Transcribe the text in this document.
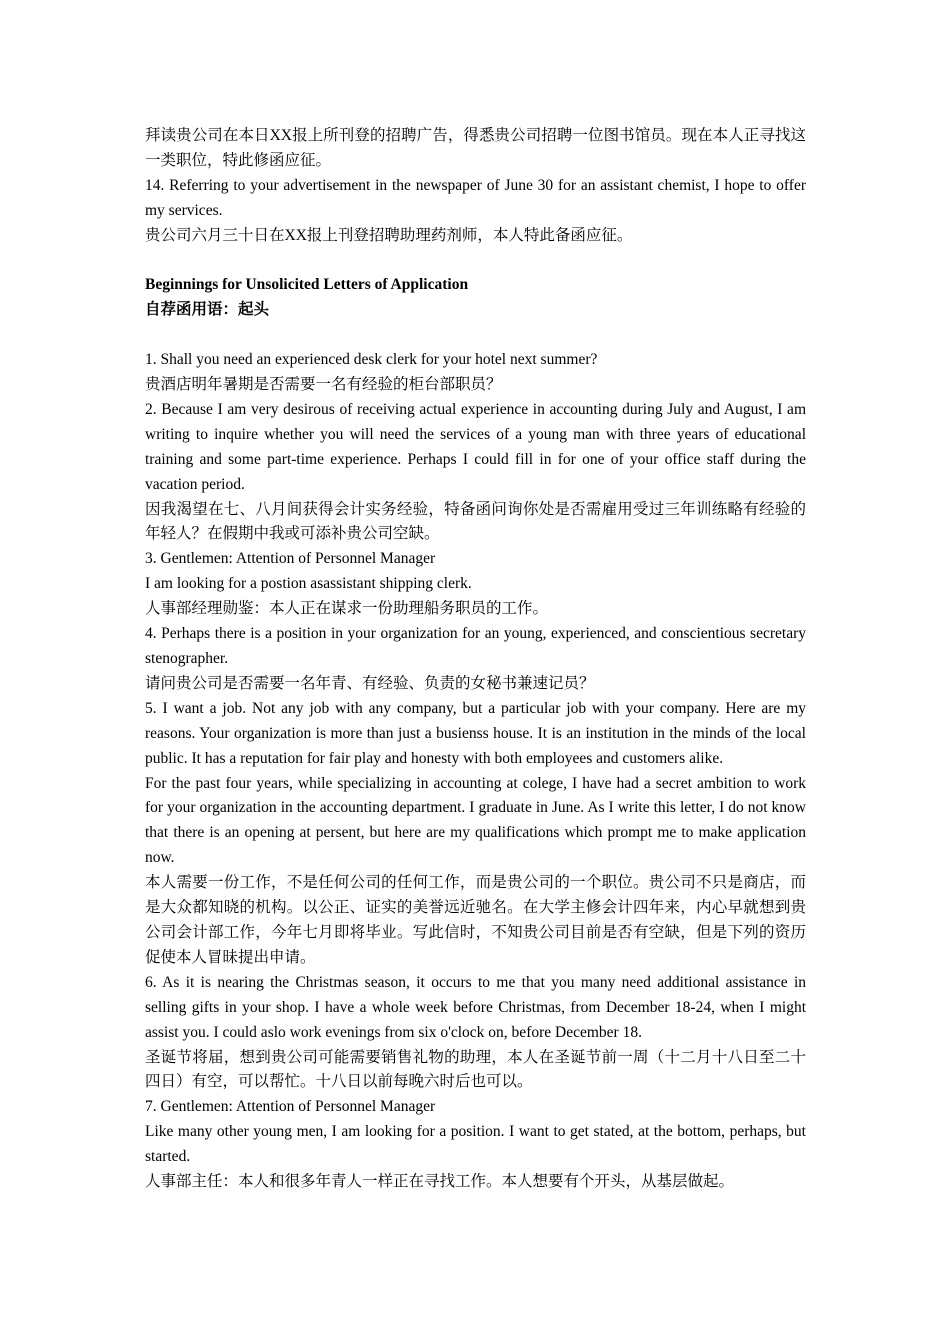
拜读贵公司在本日XX报上所刊登的招聘广告，得悉贵公司招聘一位图书馆员。现在本人正寻找这一类职位，特此修函应征。

14. Referring to your advertisement in the newspaper of June 30 for an assistant chemist, I hope to offer my services.

贵公司六月三十日在XX报上刊登招聘助理药剂师，本人特此备函应征。

Beginnings for Unsolicited Letters of Application

自荐函用语：起头

1. Shall you need an experienced desk clerk for your hotel next summer?

贵酒店明年暑期是否需要一名有经验的柜台部职员？

2. Because I am very desirous of receiving actual experience in accounting during July and August, I am writing to inquire whether you will need the services of a young man with three years of educational training and some part-time experience. Perhaps I could fill in for one of your office staff during the vacation period.

因我渴望在七、八月间获得会计实务经验，特备函问询你处是否需雇用受过三年训练略有经验的年轻人？在假期中我或可添补贵公司空缺。

3. Gentlemen: Attention of Personnel Manager

I am looking for a postion asassistant shipping clerk.

人事部经理勋鉴：本人正在谋求一份助理船务职员的工作。

4. Perhaps there is a position in your organization for an young, experienced, and conscientious secretary stenographer.

请问贵公司是否需要一名年青、有经验、负责的女秘书兼速记员？

5. I want a job. Not any job with any company, but a particular job with your company. Here are my reasons. Your organization is more than just a busienss house. It is an institution in the minds of the local public. It has a reputation for fair play and honesty with both employees and customers alike.

For the past four years, while specializing in accounting at colege, I have had a secret ambition to work for your organization in the accounting department. I graduate in June. As I write this letter, I do not know that there is an opening at persent, but here are my qualifications which prompt me to make application now.

本人需要一份工作，不是任何公司的任何工作，而是贵公司的一个职位。贵公司不只是商店，而是大众都知晓的机构。以公正、证实的美誉远近驰名。在大学主修会计四年来，内心早就想到贵公司会计部工作，今年七月即将毕业。写此信时，不知贵公司目前是否有空缺，但是下列的资历促使本人冒昧提出申请。

6. As it is nearing the Christmas season, it occurs to me that you many need additional assistance in selling gifts in your shop. I have a whole week before Christmas, from December 18-24, when I might assist you. I could aslo work evenings from six o'clock on, before December 18.

圣诞节将届，想到贵公司可能需要销售礼物的助理，本人在圣诞节前一周（十二月十八日至二十四日）有空，可以帮忙。十八日以前每晚六时后也可以。

7. Gentlemen: Attention of Personnel Manager

Like many other young men, I am looking for a position. I want to get stated, at the bottom, perhaps, but started.

人事部主任：本人和很多年青人一样正在寻找工作。本人想要有个开头，从基层做起。
